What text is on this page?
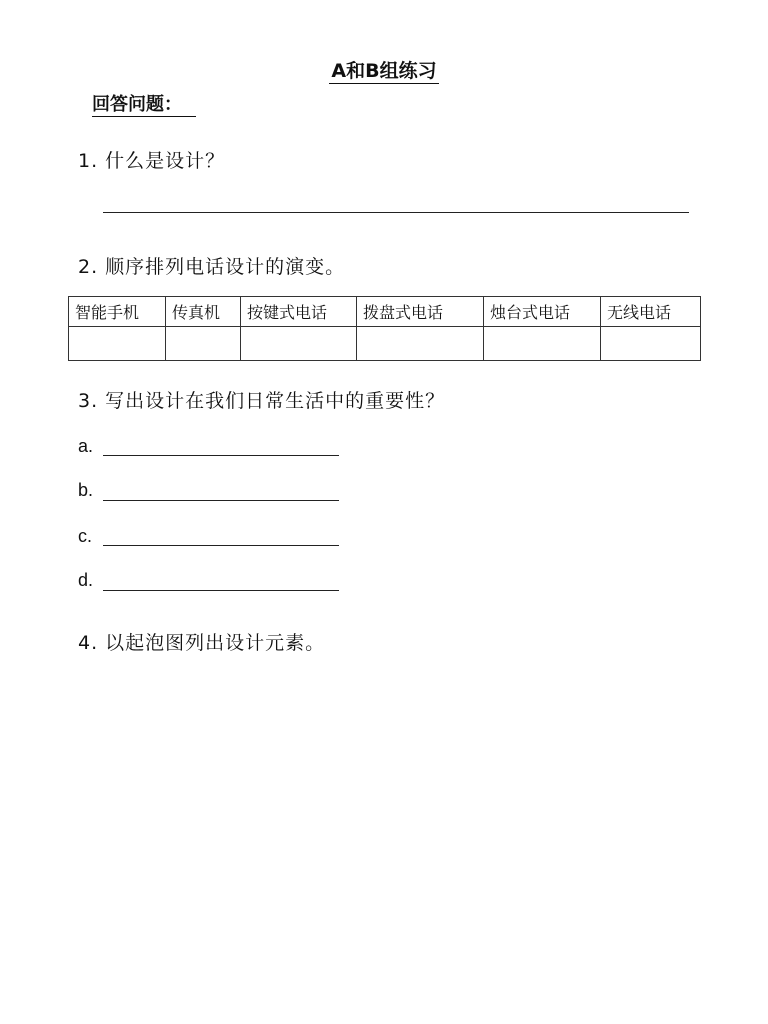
A和B组练习
回答问题：
1. 什么是设计？
2. 顺序排列电话设计的演变。
智能手机	传真机	按键式电话	拨盘式电话	烛台式电话	无线电话

3. 写出设计在我们日常生活中的重要性？
a.
b.
c.
d.
4. 以起泡图列出设计元素。
